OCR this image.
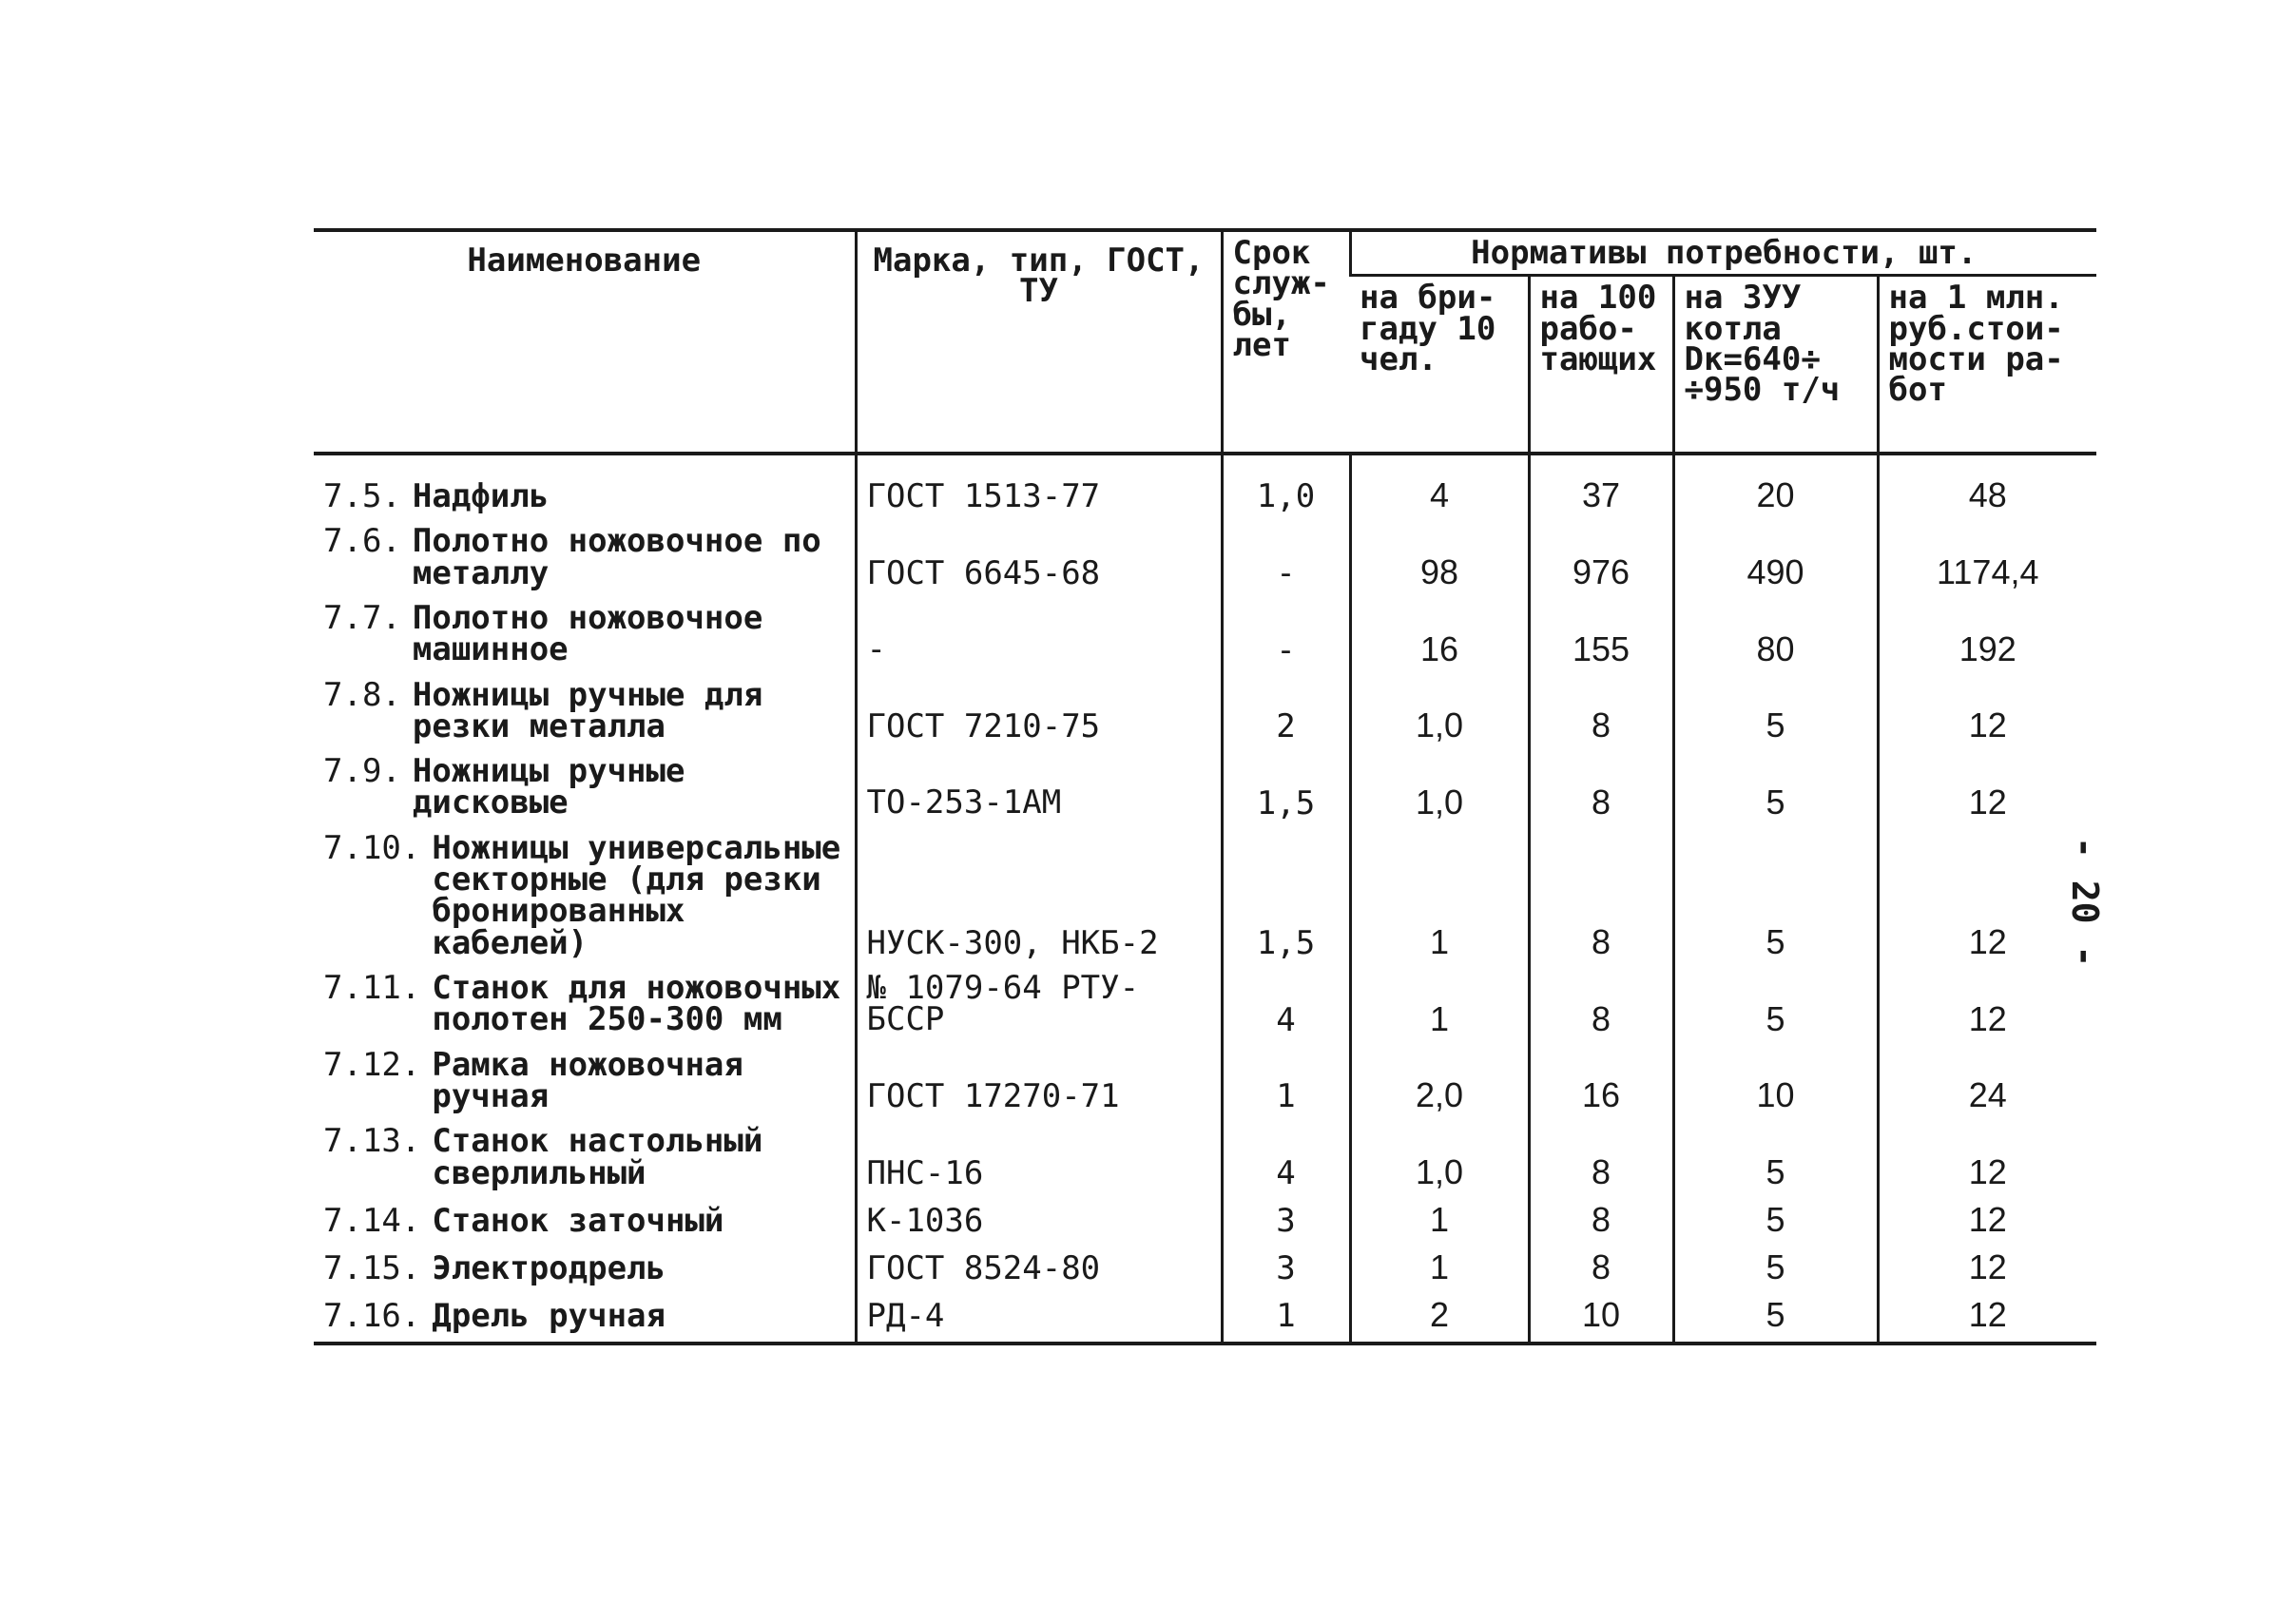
Наименование	Марка, тип, ГОСТ, ТУ	Срок служ-бы, лет	Нормативы потребности, шт.			
			на бри-гаду 10 чел.	на 100 рабо-тающих	на ЗУУ котла Dк=640÷ ÷950 т/ч	на 1 млн. руб.стои-мости ра-бот

7.5. Надфиль	ГОСТ 1513-77	1,0	4	37	20	48

7.6. Полотно ножовочное по металлу	ГОСТ 6645-68	-	98	976	490	1174,4

7.7. Полотно ножовочное машинное	-	-	16	155	80	192

7.8. Ножницы ручные для резки металла	ГОСТ 7210-75	2	1,0	8	5	12

7.9. Ножницы ручные дисковые	ТО-253-1АМ	1,5	1,0	8	5	12

7.10. Ножницы универсальные секторные (для резки бронированных кабелей)	НУСК-300, НКБ-2	1,5	1	8	5	12

7.11. Станок для ножовочных полотен 250-300 мм	№ 1079-64 РТУ-БССР	4	1	8	5	12

7.12. Рамка ножовочная ручная	ГОСТ 17270-71	1	2,0	16	10	24

7.13. Станок настольный сверлильный	ПНС-16	4	1,0	8	5	12

7.14. Станок заточный	К-1036	3	1	8	5	12

7.15. Электродрель	ГОСТ 8524-80	3	1	8	5	12

7.16. Дрель ручная	РД-4	1	2	10	5	12
- 20 -
